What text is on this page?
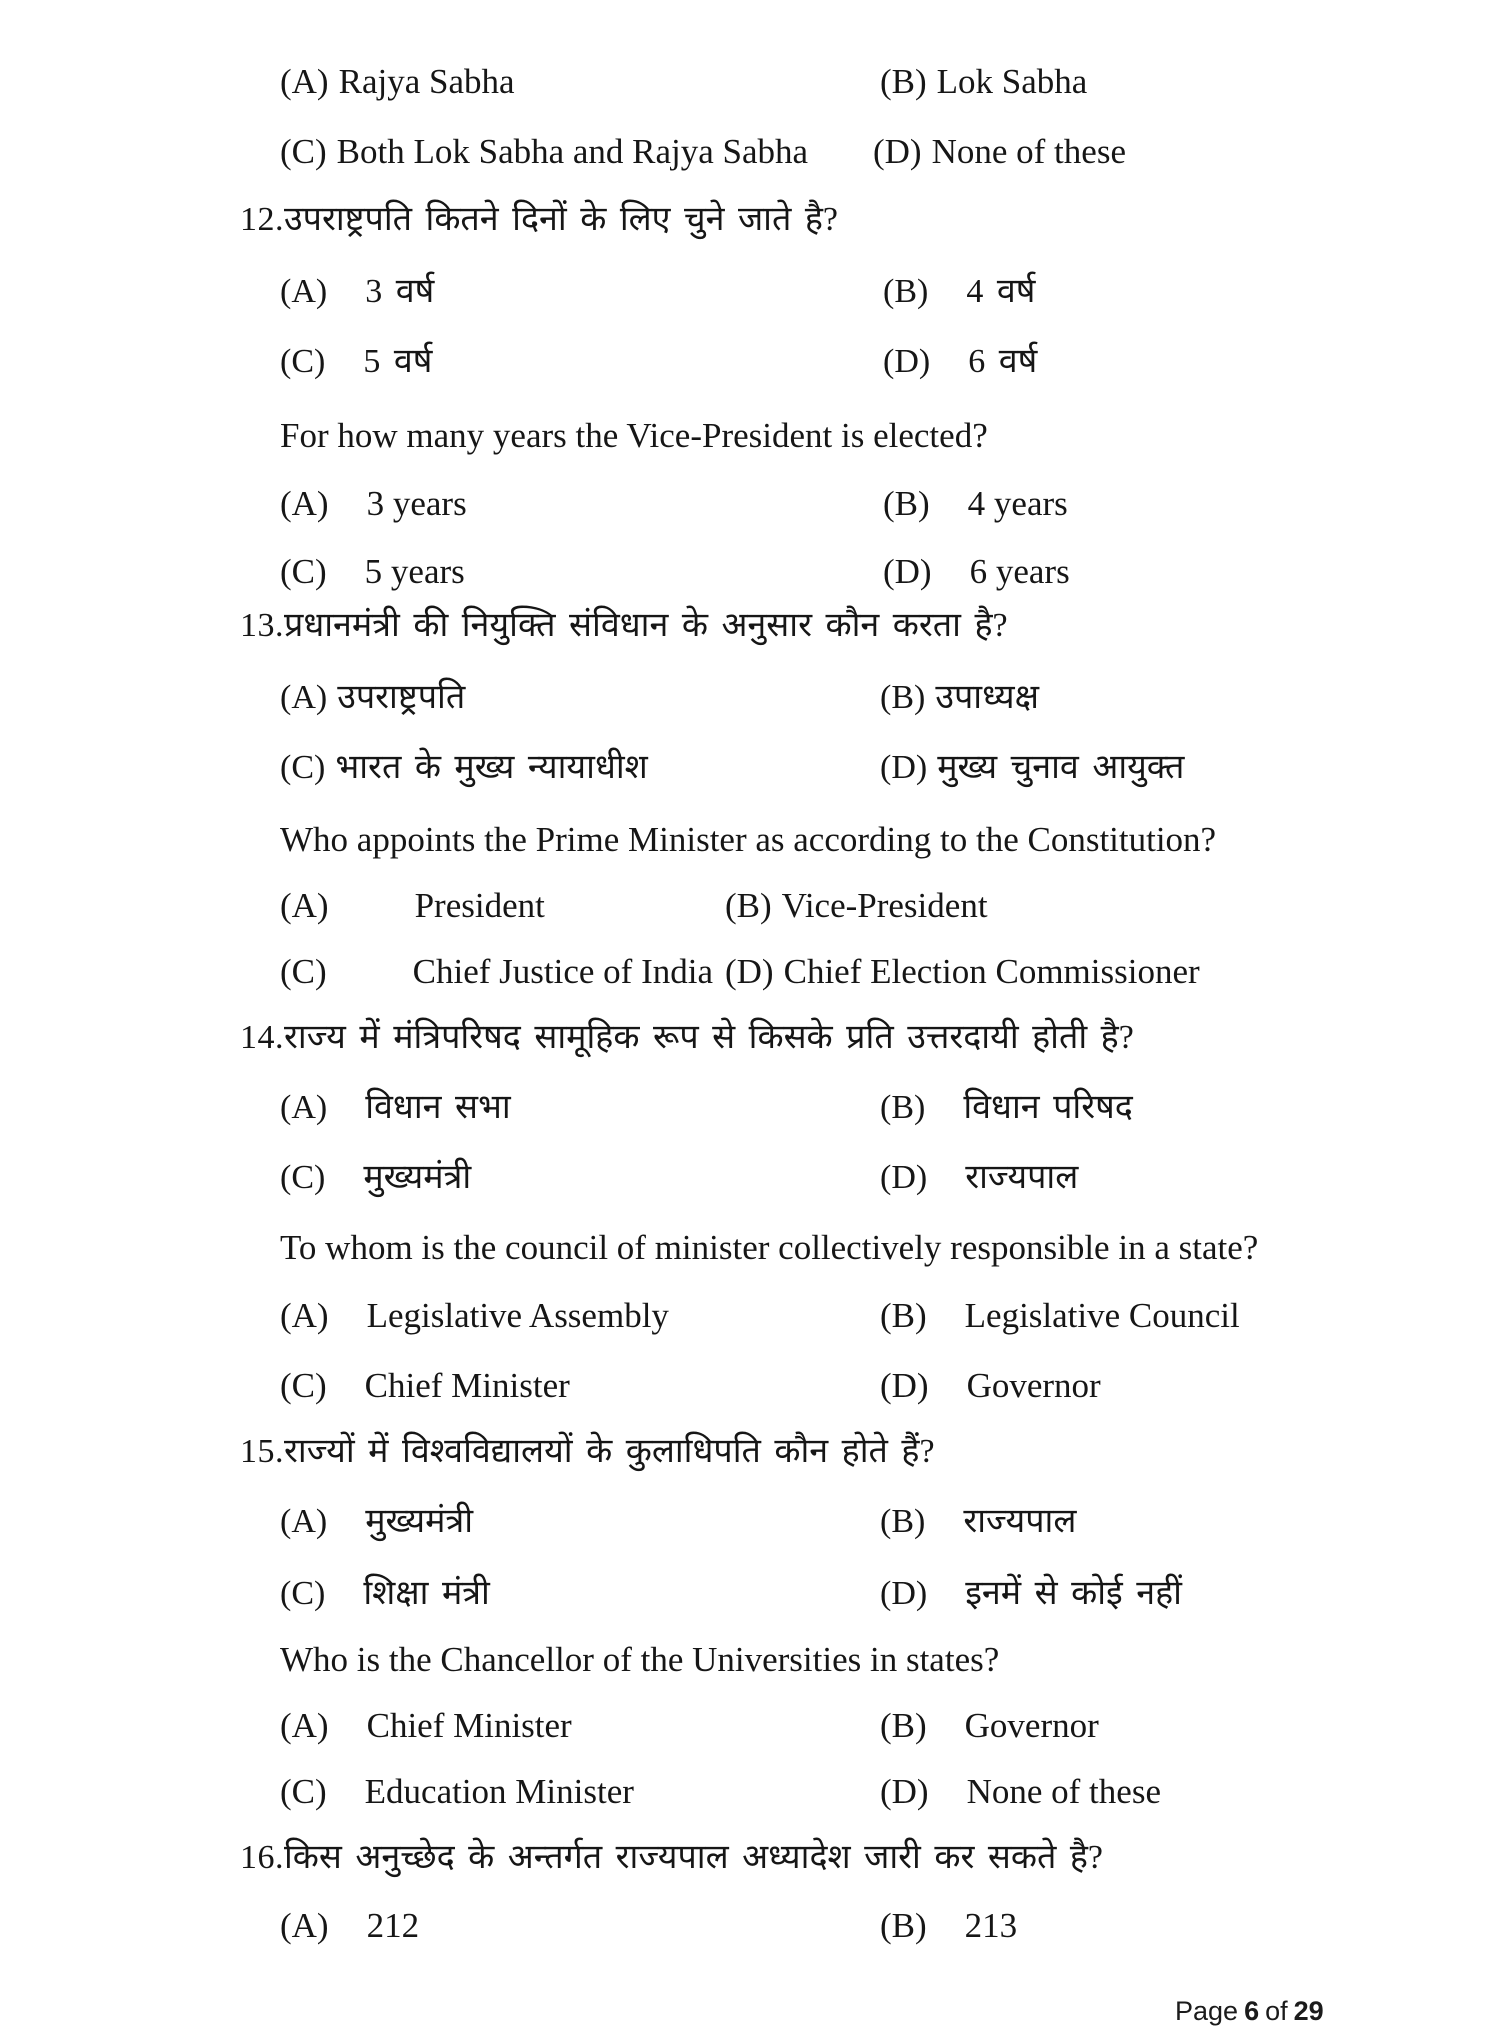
(A) Rajya Sabha	(B) Lok Sabha
(C) Both Lok Sabha and Rajya Sabha (D) None of these
12.उपराष्ट्रपति कितने दिनों के लिए चुने जाते है?
(A) 3 वर्ष	(B) 4 वर्ष
(C) 5 वर्ष	(D) 6 वर्ष
For how many years the Vice-President is elected?
(A) 3 years	(B) 4 years
(C) 5 years	(D) 6 years
13.प्रधानमंत्री की नियुक्ति संविधान के अनुसार कौन करता है?
(A) उपराष्ट्रपति	(B) उपाध्यक्ष
(C) भारत के मुख्य न्यायाधीश	(D) मुख्य चुनाव आयुक्त
Who appoints the Prime Minister as according to the Constitution?
(A) President	(B) Vice-President
(C) Chief Justice of India (D) Chief Election Commissioner
14.राज्य में मंत्रिपरिषद सामूहिक रूप से किसके प्रति उत्तरदायी होती है?
(A) विधान सभा	(B) विधान परिषद
(C) मुख्यमंत्री	(D) राज्यपाल
To whom is the council of minister collectively responsible in a state?
(A) Legislative Assembly	(B) Legislative Council
(C) Chief Minister	(D) Governor
15.राज्यों में विश्वविद्यालयों के कुलाधिपति कौन होते हैं?
(A) मुख्यमंत्री	(B) राज्यपाल
(C) शिक्षा मंत्री	(D) इनमें से कोई नहीं
Who is the Chancellor of the Universities in states?
(A) Chief Minister	(B) Governor
(C) Education Minister	(D) None of these
16.किस अनुच्छेद के अन्तर्गत राज्यपाल अध्यादेश जारी कर सकते है?
(A) 212	(B) 213
Page 6 of 29
